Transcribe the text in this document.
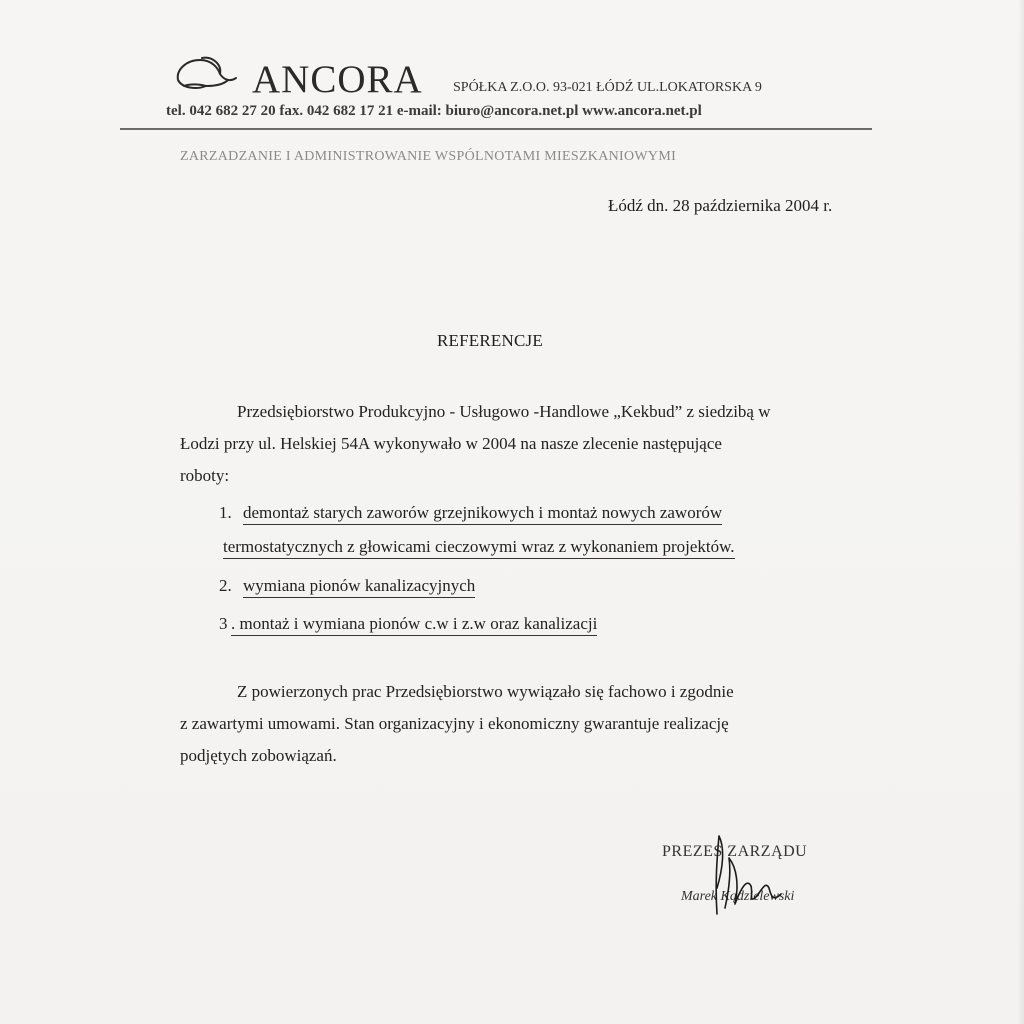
ANCORA SPÓŁKA Z.O.O. 93-021 ŁÓDŹ UL.LOKATORSKA 9
tel. 042 682 27 20 fax. 042 682 17 21 e-mail: biuro@ancora.net.pl www.ancora.net.pl
ZARZADZANIE I ADMINISTROWANIE WSPÓLNOTAMI MIESZKANIOWYMI
Łódź dn. 28 października 2004 r.
REFERENCJE
Przedsiębiorstwo Produkcyjno - Usługowo -Handlowe „Kekbud” z siedzibą w
Łodzi przy ul. Helskiej 54A wykonywało w 2004 na nasze zlecenie następujące
roboty:
1. demontaż starych zaworów grzejnikowych i montaż nowych zaworów
termostatycznych z głowicami cieczowymi wraz z wykonaniem projektów.
2. wymiana pionów kanalizacyjnych
3 . montaż i wymiana pionów c.w i z.w oraz kanalizacji
Z powierzonych prac Przedsiębiorstwo wywiązało się fachowo i zgodnie
z zawartymi umowami. Stan organizacyjny i ekonomiczny gwarantuje realizację
podjętych zobowiązań.
PREZES ZARZĄDU
Marek Kądzielewski
